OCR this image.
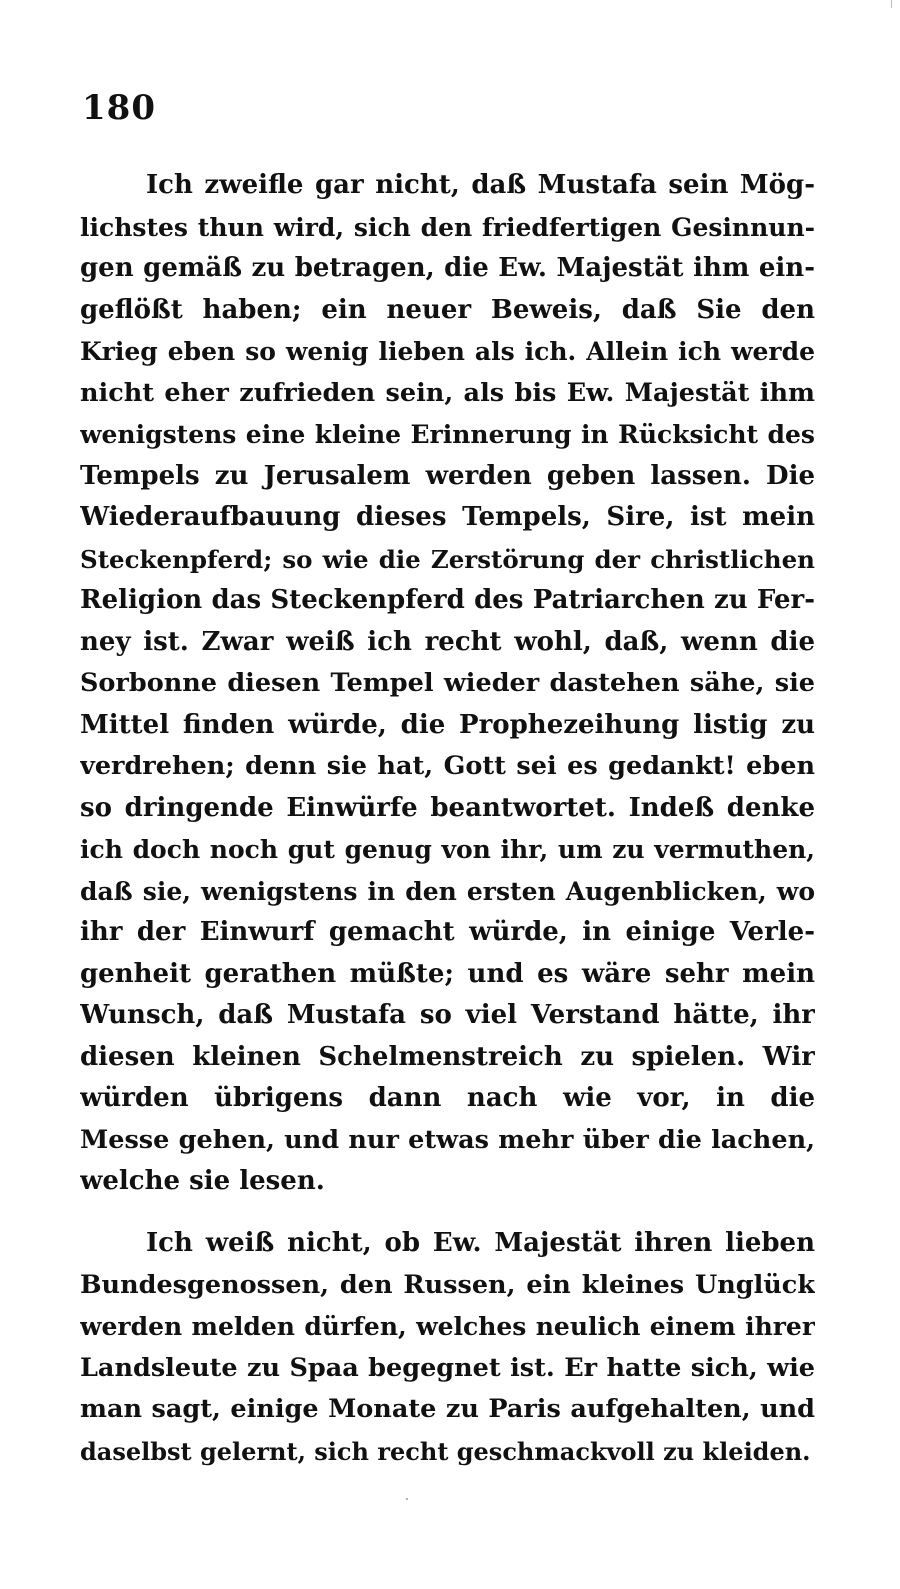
180
Ich zweifle gar nicht, daß Mustafa sein Mög-
lichstes thun wird, sich den friedfertigen Gesinnun-
gen gemäß zu betragen, die Ew. Majestät ihm ein-
geflößt haben; ein neuer Beweis, daß Sie den
Krieg eben so wenig lieben als ich. Allein ich werde
nicht eher zufrieden sein, als bis Ew. Majestät ihm
wenigstens eine kleine Erinnerung in Rücksicht des
Tempels zu Jerusalem werden geben lassen. Die
Wiederaufbauung dieses Tempels, Sire, ist mein
Steckenpferd; so wie die Zerstörung der christlichen
Religion das Steckenpferd des Patriarchen zu Fer-
ney ist. Zwar weiß ich recht wohl, daß, wenn die
Sorbonne diesen Tempel wieder dastehen sähe, sie
Mittel finden würde, die Prophezeihung listig zu
verdrehen; denn sie hat, Gott sei es gedankt! eben
so dringende Einwürfe beantwortet. Indeß denke
ich doch noch gut genug von ihr, um zu vermuthen,
daß sie, wenigstens in den ersten Augenblicken, wo
ihr der Einwurf gemacht würde, in einige Verle-
genheit gerathen müßte; und es wäre sehr mein
Wunsch, daß Mustafa so viel Verstand hätte, ihr
diesen kleinen Schelmenstreich zu spielen. Wir
würden übrigens dann nach wie vor, in die
Messe gehen, und nur etwas mehr über die lachen,
welche sie lesen.
Ich weiß nicht, ob Ew. Majestät ihren lieben
Bundesgenossen, den Russen, ein kleines Unglück
werden melden dürfen, welches neulich einem ihrer
Landsleute zu Spaa begegnet ist. Er hatte sich, wie
man sagt, einige Monate zu Paris aufgehalten, und
daselbst gelernt, sich recht geschmackvoll zu kleiden.
